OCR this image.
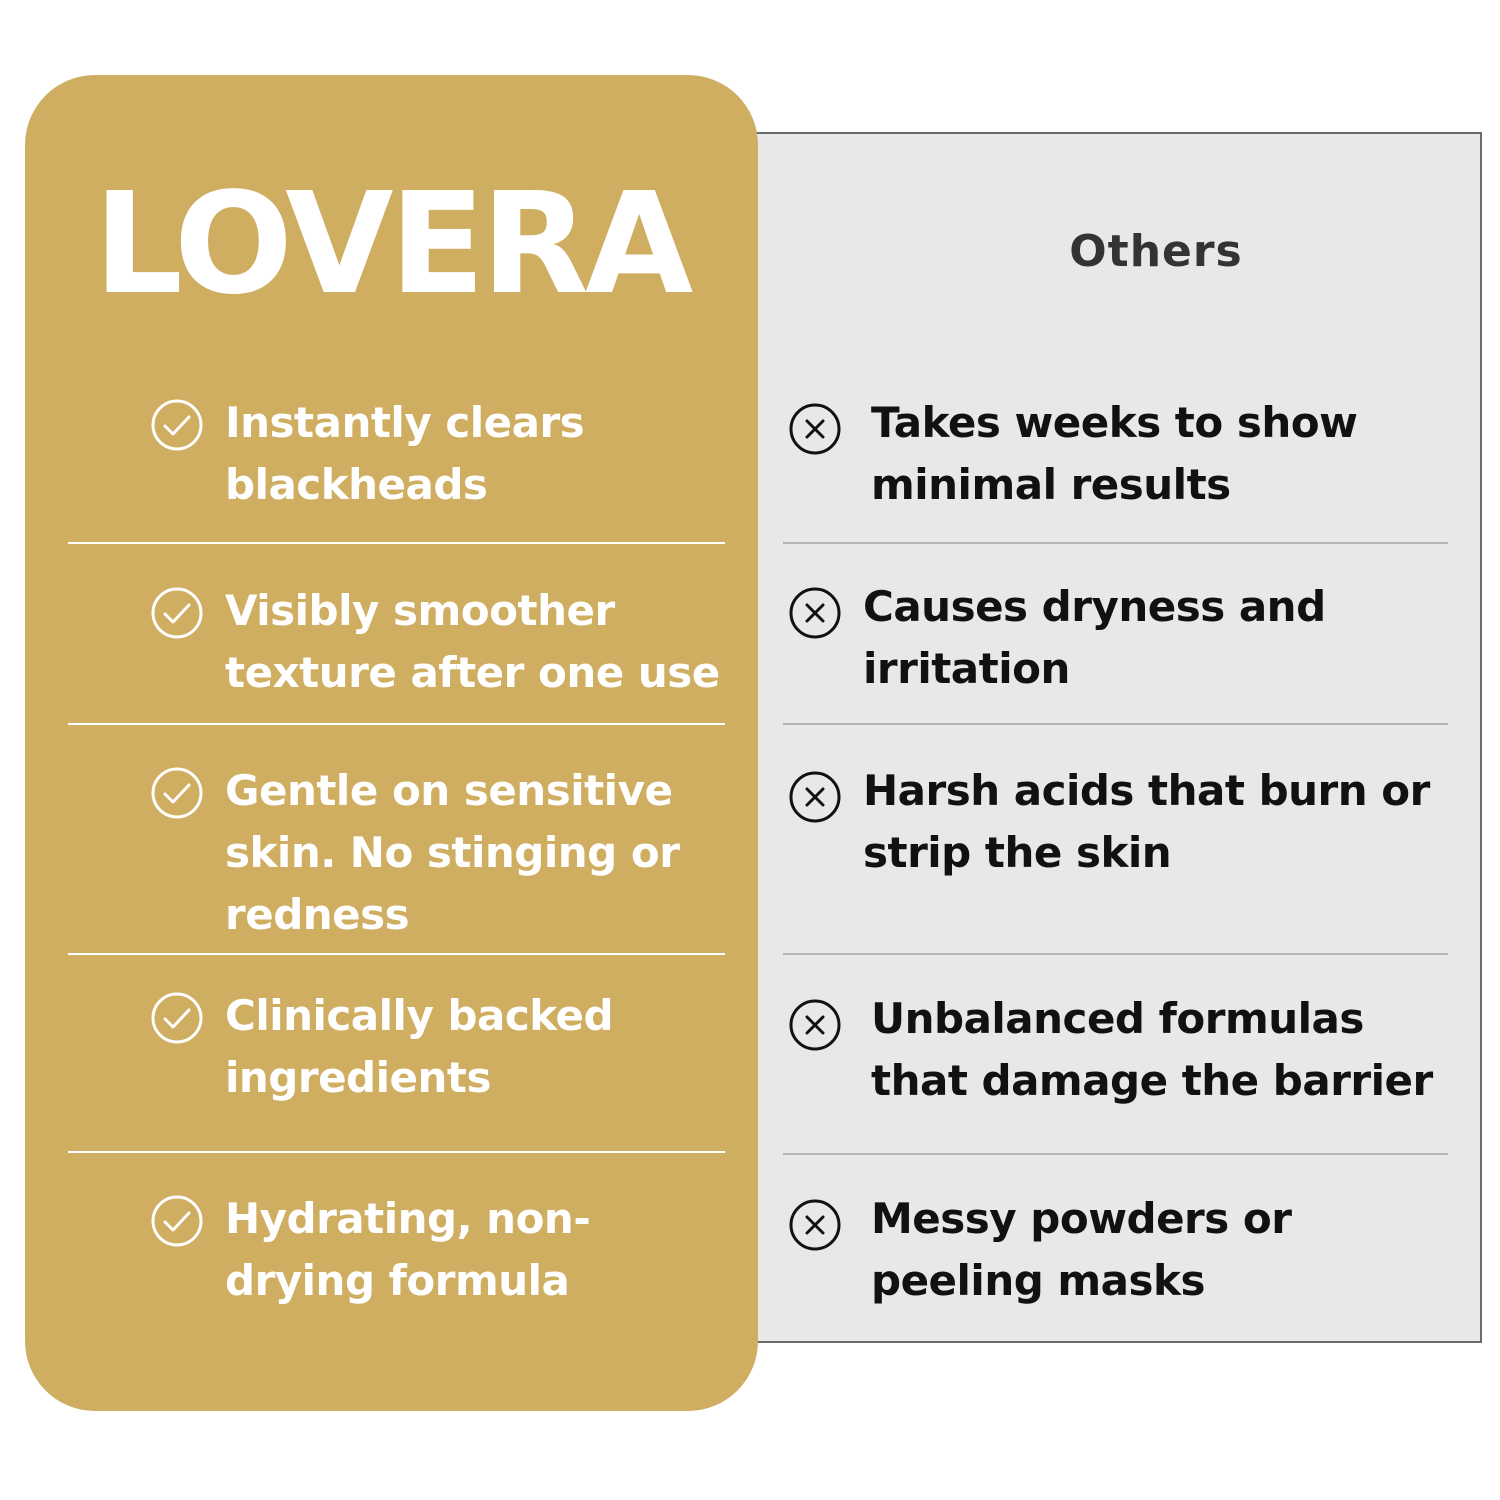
Others
LOVERA
Instantly clears blackheads
Visibly smoother texture after one use
Gentle on sensitive skin. No stinging or redness
Clinically backed ingredients
Hydrating, non-drying formula
Takes weeks to show minimal results
Causes dryness and irritation
Harsh acids that burn or strip the skin
Unbalanced formulas that damage the barrier
Messy powders or peeling masks
